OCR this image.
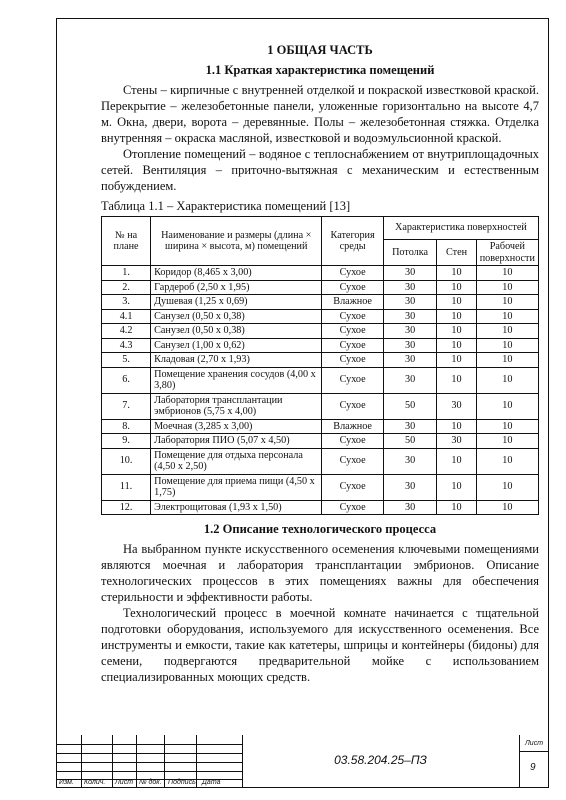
1 ОБЩАЯ ЧАСТЬ
1.1 Краткая характеристика помещений

Стены – кирпичные с внутренней отделкой и покраской известковой краской. Перекрытие – железобетонные панели, уложенные горизонтально на высоте 4,7 м. Окна, двери, ворота – деревянные. Полы – железобетонная стяжка. Отделка внутренняя – окраска масляной, известковой и водоэмульсионной краской.

Отопление помещений – водяное с теплоснабжением от внутриплощадочных сетей. Вентиляция – приточно-вытяжная с механическим и естественным побуждением.

Таблица 1.1 – Характеристика помещений [13]
№ на плане	Наименование и размеры (длина × ширина × высота, м) помещений	Категория среды	Характеристика поверхностей		
			Потолка	Стен	Рабочей поверхности
1.	Коридор (8,465 х 3,00)	Сухое	30	10	10
2.	Гардероб (2,50 х 1,95)	Сухое	30	10	10
3.	Душевая (1,25 х 0,69)	Влажное	30	10	10
4.1	Санузел (0,50 х 0,38)	Сухое	30	10	10
4.2	Санузел (0,50 х 0,38)	Сухое	30	10	10
4.3	Санузел (1,00 х 0,62)	Сухое	30	10	10
5.	Кладовая (2,70 х 1,93)	Сухое	30	10	10
6.	Помещение хранения сосудов (4,00 х 3,80)	Сухое	30	10	10
7.	Лаборатория трансплантации эмбрионов (5,75 х 4,00)	Сухое	50	30	10
8.	Моечная (3,285 х 3,00)	Влажное	30	10	10
9.	Лаборатория ПИО (5,07 х 4,50)	Сухое	50	30	10
10.	Помещение для отдыха персонала (4,50 х 2,50)	Сухое	30	10	10
11.	Помещение для приема пищи (4,50 х 1,75)	Сухое	30	10	10
12.	Электрощитовая (1,93 х 1,50)	Сухое	30	10	10
1.2 Описание технологического процесса

На выбранном пункте искусственного осеменения ключевыми помещениями являются моечная и лаборатория трансплантации эмбрионов. Описание технологических процессов в этих помещениях важны для обеспечения стерильности и эффективности работы.

Технологический процесс в моечной комнате начинается с тщательной подготовки оборудования, используемого для искусственного осеменения. Все инструменты и емкости, такие как катетеры, шприцы и контейнеры (бидоны) для семени, подвергаются предварительной мойке с использованием специализированных моющих средств.

Изм. Колич. Лист № док. Подпись Дата
03.58.204.25–ПЗ
Лист
9
